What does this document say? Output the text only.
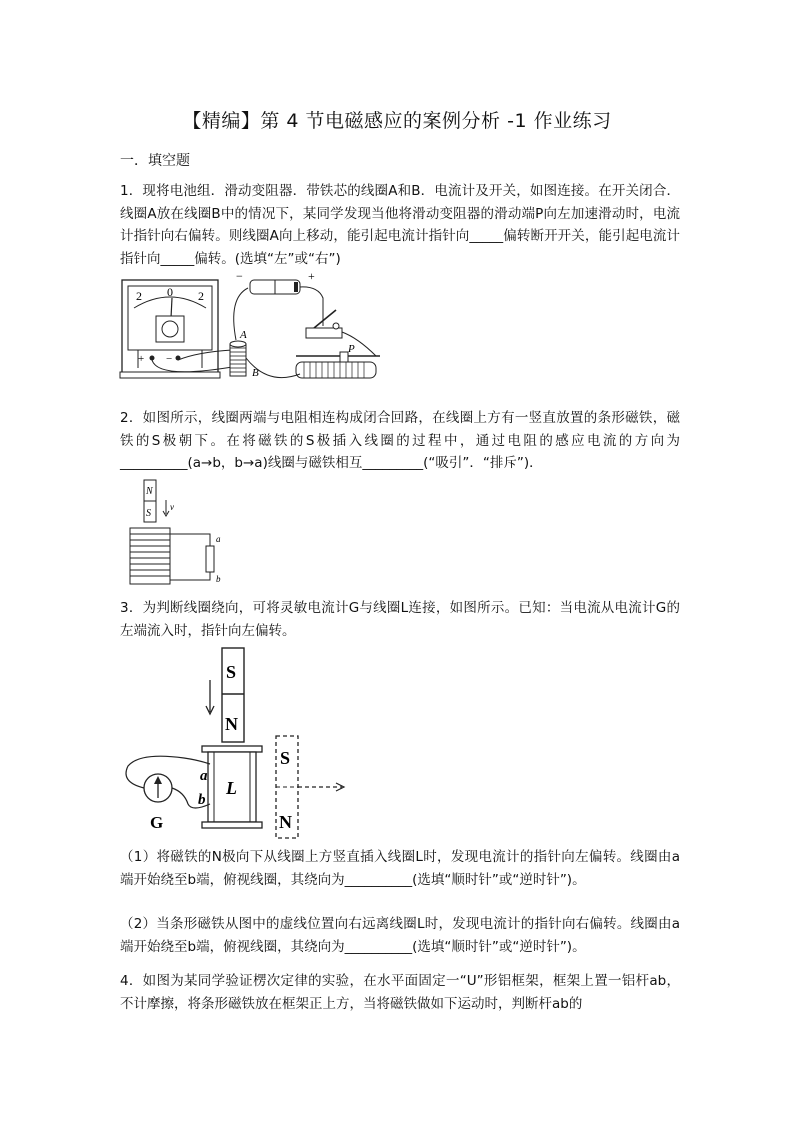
【精编】第 4 节电磁感应的案例分析 -1 作业练习
一．填空题
1．现将电池组．滑动变阻器．带铁芯的线圈A和B．电流计及开关，如图连接。在开关闭合．线圈A放在线圈B中的情况下，某同学发现当他将滑动变阻器的滑动端P向左加速滑动时，电流计指针向右偏转。则线圈A向上移动，能引起电流计指针向_____偏转断开开关，能引起电流计指针向_____偏转。(选填“左”或“右”)
2 0 2
+ −
A
B
−	+
P
2．如图所示，线圈两端与电阻相连构成闭合回路，在线圈上方有一竖直放置的条形磁铁，磁铁的S极朝下。在将磁铁的S极插入线圈的过程中，通过电阻的感应电流的方向为__________(a→b，b→a)线圈与磁铁相互_________(“吸引”．“排斥”)．
N
S
v
a
b
3．为判断线圈绕向，可将灵敏电流计G与线圈L连接，如图所示。已知：当电流从电流计G的左端流入时，指针向左偏转。
S
N
L
a
b
G
S
N
（1）将磁铁的N极向下从线圈上方竖直插入线圈L时，发现电流计的指针向左偏转。线圈由a端开始绕至b端，俯视线圈，其绕向为__________(选填“顺时针”或“逆时针”)。
（2）当条形磁铁从图中的虚线位置向右远离线圈L时，发现电流计的指针向右偏转。线圈由a端开始绕至b端，俯视线圈，其绕向为__________(选填“顺时针”或“逆时针”)。
4．如图为某同学验证楞次定律的实验，在水平面固定一“U”形铝框架，框架上置一铝杆ab，不计摩擦，将条形磁铁放在框架正上方，当将磁铁做如下运动时，判断杆ab的
